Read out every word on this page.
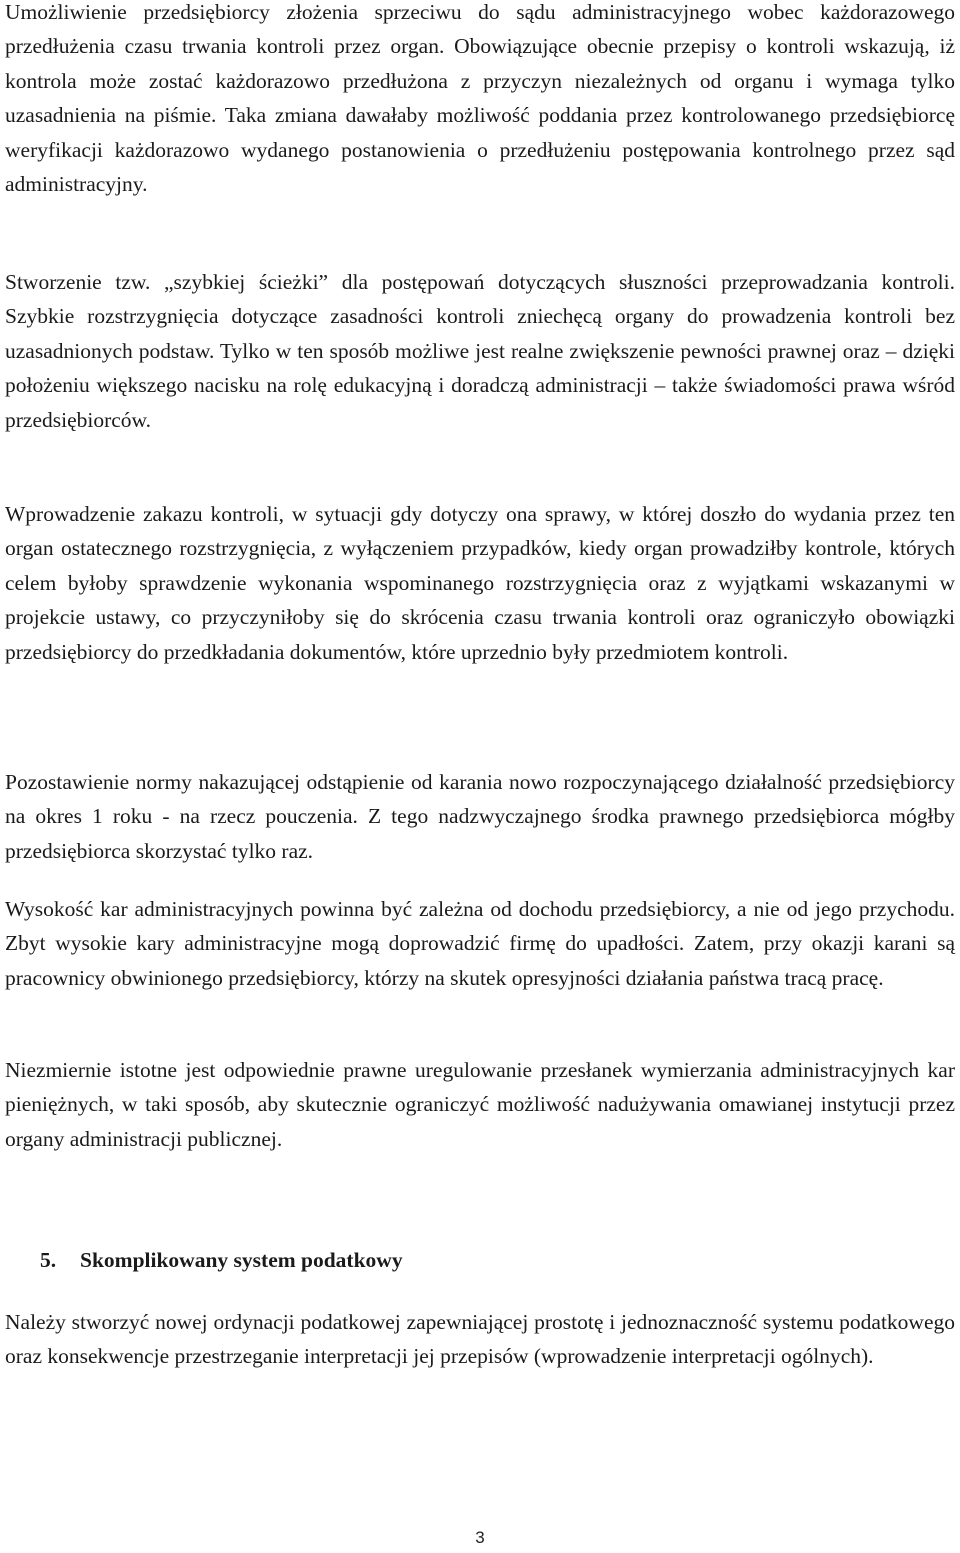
Umożliwienie przedsiębiorcy złożenia sprzeciwu do sądu administracyjnego wobec każdorazowego przedłużenia czasu trwania kontroli przez organ. Obowiązujące obecnie przepisy o kontroli wskazują, iż kontrola może zostać każdorazowo przedłużona z przyczyn niezależnych od organu i wymaga tylko uzasadnienia na piśmie. Taka zmiana dawałaby możliwość poddania przez kontrolowanego przedsiębiorcę weryfikacji każdorazowo wydanego postanowienia o przedłużeniu postępowania kontrolnego przez sąd administracyjny.

Stworzenie tzw. „szybkiej ścieżki” dla postępowań dotyczących słuszności przeprowadzania kontroli. Szybkie rozstrzygnięcia dotyczące zasadności kontroli zniechęcą organy do prowadzenia kontroli bez uzasadnionych podstaw. Tylko w ten sposób możliwe jest realne zwiększenie pewności prawnej oraz – dzięki położeniu większego nacisku na rolę edukacyjną i doradczą administracji – także świadomości prawa wśród przedsiębiorców.

Wprowadzenie zakazu kontroli, w sytuacji gdy dotyczy ona sprawy, w której doszło do wydania przez ten organ ostatecznego rozstrzygnięcia, z wyłączeniem przypadków, kiedy organ prowadziłby kontrole, których celem byłoby sprawdzenie wykonania wspominanego rozstrzygnięcia oraz z wyjątkami wskazanymi w projekcie ustawy, co przyczyniłoby się do skrócenia czasu trwania kontroli oraz ograniczyło obowiązki przedsiębiorcy do przedkładania dokumentów, które uprzednio były przedmiotem kontroli.

Pozostawienie normy nakazującej odstąpienie od karania nowo rozpoczynającego działalność przedsiębiorcy na okres 1 roku - na rzecz pouczenia. Z tego nadzwyczajnego środka prawnego przedsiębiorca mógłby przedsiębiorca skorzystać tylko raz.

Wysokość kar administracyjnych powinna być zależna od dochodu przedsiębiorcy, a nie od jego przychodu. Zbyt wysokie kary administracyjne mogą doprowadzić firmę do upadłości. Zatem, przy okazji karani są pracownicy obwinionego przedsiębiorcy, którzy na skutek opresyjności działania państwa tracą pracę.

Niezmiernie istotne jest odpowiednie prawne uregulowanie przesłanek wymierzania administracyjnych kar pieniężnych, w taki sposób, aby skutecznie ograniczyć możliwość nadużywania omawianej instytucji przez organy administracji publicznej.

5. Skomplikowany system podatkowy

Należy stworzyć nowej ordynacji podatkowej zapewniającej prostotę i jednoznaczność systemu podatkowego oraz konsekwencje przestrzeganie interpretacji jej przepisów (wprowadzenie interpretacji ogólnych).

3
